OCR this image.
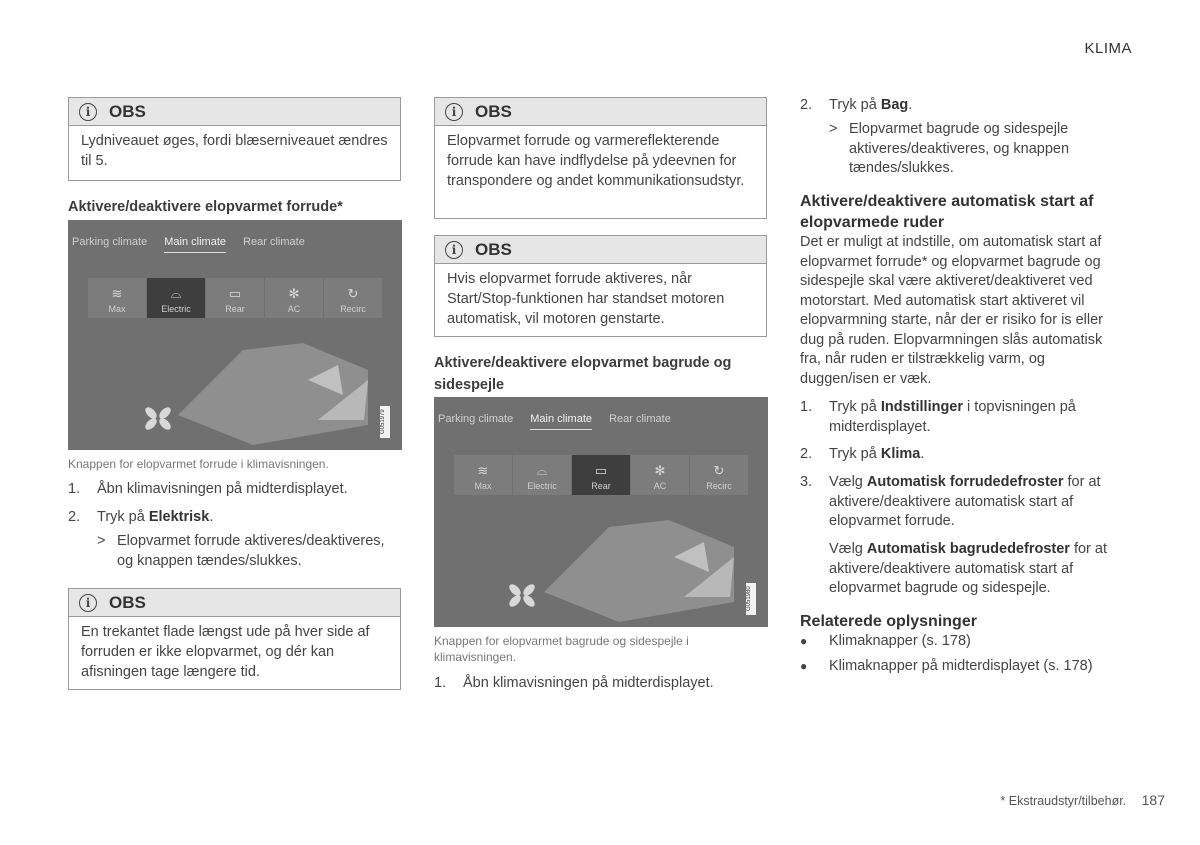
KLIMA
i	OBS
Lydniveauet øges, fordi blæserniveauet ændres til 5.
Aktivere/deaktivere elopvarmet forrude*
Parking climate Main climate Rear climate
≋
Max
⌓
Electric
▭
Rear
✻
AC
↻
Recirc
G051979
Knappen for elopvarmet forrude i klimavisningen.
1. Åbn klimavisningen på midterdisplayet.
2. Tryk på Elektrisk.
> Elopvarmet forrude aktiveres/deaktiveres, og knappen tændes/slukkes.
i	OBS
En trekantet flade længst ude på hver side af forruden er ikke elopvarmet, og dér kan afisningen tage længere tid.
i	OBS
Elopvarmet forrude og varmereflekterende forrude kan have indflydelse på ydeevnen for transpondere og andet kommunikationsudstyr.
i	OBS
Hvis elopvarmet forrude aktiveres, når Start/Stop-funktionen har standset motoren automatisk, vil motoren genstarte.
Aktivere/deaktivere elopvarmet bagrude og sidespejle
Parking climate Main climate Rear climate
≋
Max
⌓
Electric
▭
Rear
✻
AC
↻
Recirc
G051980
Knappen for elopvarmet bagrude og sidespejle i klimavisningen.
1. Åbn klimavisningen på midterdisplayet.
2. Tryk på Bag.
> Elopvarmet bagrude og sidespejle aktiveres/deaktiveres, og knappen tændes/slukkes.
Aktivere/deaktivere automatisk start af elopvarmede ruder
Det er muligt at indstille, om automatisk start af elopvarmet forrude* og elopvarmet bagrude og sidespejle skal være aktiveret/deaktiveret ved motorstart. Med automatisk start aktiveret vil elopvarmning starte, når der er risiko for is eller dug på ruden. Elopvarmningen slås automatisk fra, når ruden er tilstrækkelig varm, og duggen/isen er væk.
1. Tryk på Indstillinger i topvisningen på midterdisplayet.
2. Tryk på Klima.
3. Vælg Automatisk forrudedefroster for at aktivere/deaktivere automatisk start af elopvarmet forrude.
Vælg Automatisk bagrudedefroster for at aktivere/deaktivere automatisk start af elopvarmet bagrude og sidespejle.
Relaterede oplysninger
● Klimaknapper (s. 178)
● Klimaknapper på midterdisplayet (s. 178)
* Ekstraudstyr/tilbehør. 187
